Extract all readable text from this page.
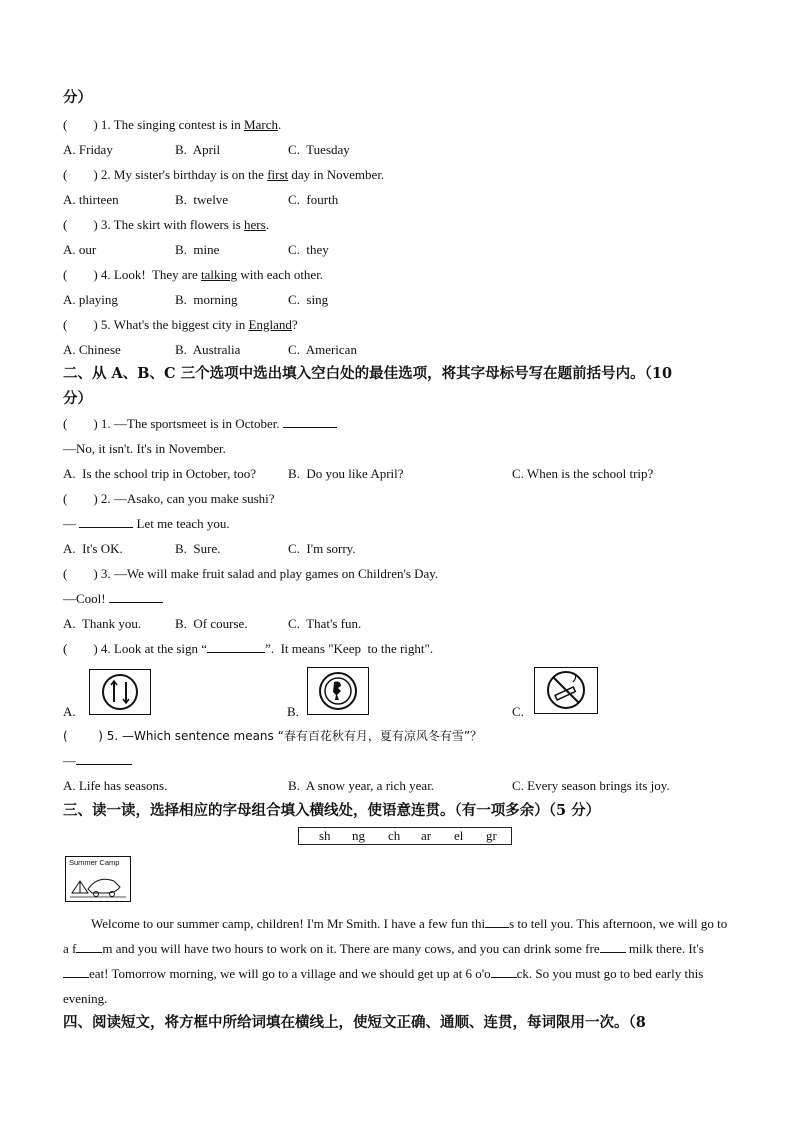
分）
(        ) 1. The singing contest is in March.
A. Friday	B.  April	C.  Tuesday
(        ) 2. My sister's birthday is on the first day in November.
A. thirteen	B.  twelve	C.  fourth
(        ) 3. The skirt with flowers is hers.
A. our	B.  mine	C.  they
(        ) 4. Look!  They are talking with each other.
A. playing	B.  morning	C.  sing
(        ) 5. What's the biggest city in England?
A. Chinese	B.  Australia	C.  American
二、从 A、B、C 三个选项中选出填入空白处的最佳选项，将其字母标号写在题前括号内。（10
分）
(        ) 1. —The sportsmeet is in October.
—No, it isn't. It's in November.
A.  Is the school trip in October, too? B.  Do you like April?	C. When is the school trip?
(        ) 2. —Asako, can you make sushi?
—	Let me teach you.
A.  It's OK.	B.  Sure.	C.  I'm sorry.
(        ) 3. —We will make fruit salad and play games on Children's Day.
—Cool!
A.  Thank you.	B.  Of course.	C.  That's fun.
(        ) 4. Look at the sign “	”.  It means "Keep  to the right".
A.	B.	C.
(        ) 5. —Which sentence means “春有百花秋有月，夏有凉风冬有雪”？
—
A. Life has seasons.	B.  A snow year, a rich year.	C. Every season brings its joy.
三、读一读，选择相应的字母组合填入横线处，使语意连贯。（有一项多余）（5 分）
sh ng ch ar el gr
Summer Camp
Welcome to our summer camp, children! I'm Mr Smith. I have a few fun thi s to tell you. This afternoon, we will go to a f m and you will have two hours to work on it. There are many cows, and you can drink some fre milk there. It's eat! Tomorrow morning, we will go to a village and we should get up at 6 o'o ck. So you must go to bed early this evening.
四、阅读短文，将方框中所给词填在横线上，使短文正确、通顺、连贯，每词限用一次。（8
